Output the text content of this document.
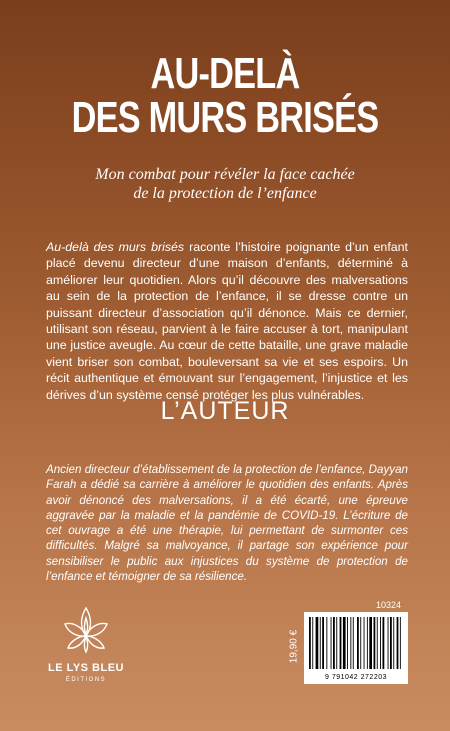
AU-DELÀ
DES MURS BRISÉS
Mon combat pour révéler la face cachée
de la protection de l’enfance
Au-delà des murs brisés raconte l’histoire poignante d’un enfant placé devenu directeur d’une maison d’enfants, déterminé à améliorer leur quotidien. Alors qu’il découvre des malversations au sein de la protection de l’enfance, il se dresse contre un puissant directeur d’association qu’il dénonce. Mais ce dernier, utilisant son réseau, parvient à le faire accuser à tort, manipulant une justice aveugle. Au cœur de cette bataille, une grave maladie vient briser son combat, bouleversant sa vie et ses espoirs. Un récit authentique et émouvant sur l’engagement, l’injustice et les dérives d’un système censé protéger les plus vulnérables.
L’AUTEUR
Ancien directeur d’établissement de la protection de l’enfance, Dayyan Farah a dédié sa carrière à améliorer le quotidien des enfants. Après avoir dénoncé des malversations, il a été écarté, une épreuve aggravée par la maladie et la pandémie de COVID-19. L’écriture de cet ouvrage a été une thérapie, lui permettant de surmonter ces difficultés. Malgré sa malvoyance, il partage son expérience pour sensibiliser le public aux injustices du système de protection de l’enfance et témoigner de sa résilience.
LE LYS BLEU
ÉDITIONS
10324
19,90 €
9 791042 272203
